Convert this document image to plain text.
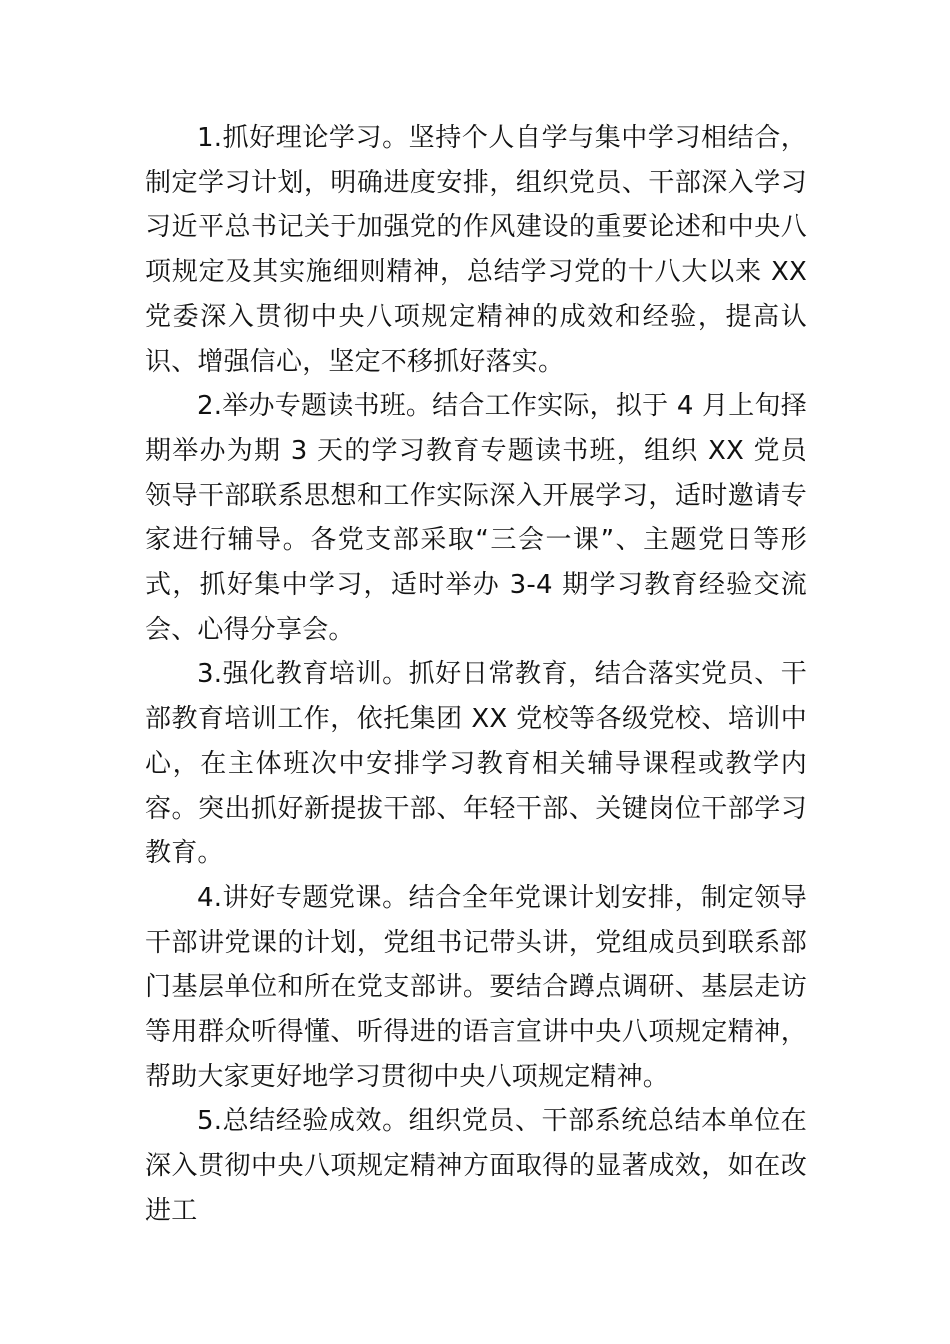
1.抓好理论学习。坚持个人自学与集中学习相结合，制定学习计划，明确进度安排，组织党员、干部深入学习习近平总书记关于加强党的作风建设的重要论述和中央八项规定及其实施细则精神，总结学习党的十八大以来 XX 党委深入贯彻中央八项规定精神的成效和经验，提高认识、增强信心，坚定不移抓好落实。

2.举办专题读书班。结合工作实际，拟于 4 月上旬择期举办为期 3 天的学习教育专题读书班，组织 XX 党员领导干部联系思想和工作实际深入开展学习，适时邀请专家进行辅导。各党支部采取“三会一课”、主题党日等形式，抓好集中学习，适时举办 3-4 期学习教育经验交流会、心得分享会。

3.强化教育培训。抓好日常教育，结合落实党员、干部教育培训工作，依托集团 XX 党校等各级党校、培训中心，在主体班次中安排学习教育相关辅导课程或教学内容。突出抓好新提拔干部、年轻干部、关键岗位干部学习教育。

4.讲好专题党课。结合全年党课计划安排，制定领导干部讲党课的计划，党组书记带头讲，党组成员到联系部门基层单位和所在党支部讲。要结合蹲点调研、基层走访等用群众听得懂、听得进的语言宣讲中央八项规定精神，帮助大家更好地学习贯彻中央八项规定精神。

5.总结经验成效。组织党员、干部系统总结本单位在深入贯彻中央八项规定精神方面取得的显著成效，如在改进工
